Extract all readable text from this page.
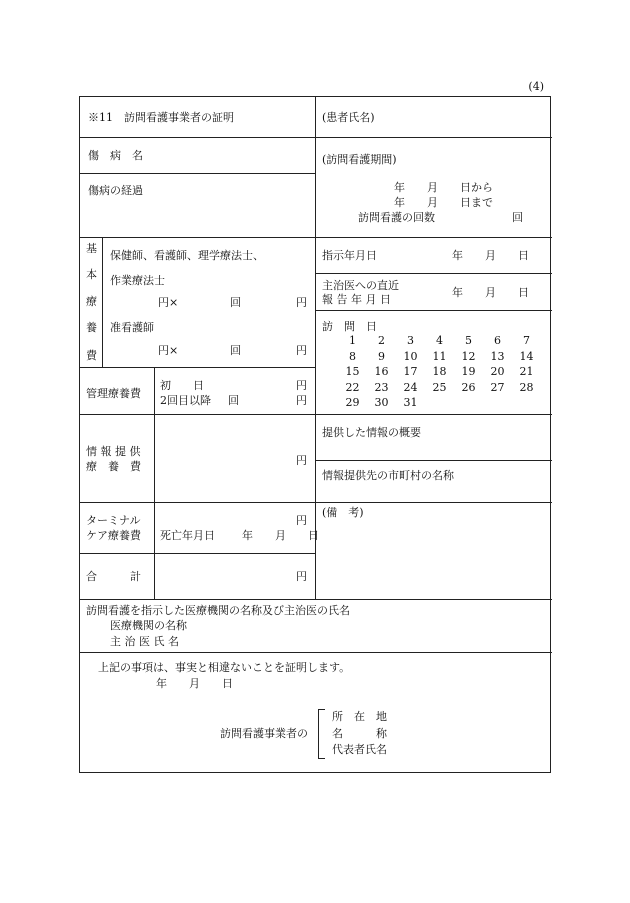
(4)
※11　訪問看護事業者の証明	(患者氏名)
傷　病　名
傷病の経過
(訪問看護期間)
年　　月　　日から
年　　月　　日まで
訪問看護の回数	回
基
本
療
養
費
保健師、看護師、理学療法士、
作業療法士
円×	回	円
准看護師
円×	回	円
指示年月日	年　　月　　日
主治医への直近
報 告 年 月 日
年　　月　　日
訪　問　日
1	2	3	4	5	6	7
8	9	10	11	12	13	14
15	16	17	18	19	20	21
22	23	24	25	26	27	28
29	30	31				
管理療養費
初　　日	円
2回目以降 回	円
情 報 提 供
療　養　費	円
提供した情報の概要
情報提供先の市町村の名称
ターミナル
ケア療養費
円
死亡年月日 年　　月　　日
(備　考)
合　　　計	円
訪問看護を指示した医療機関の名称及び主治医の氏名
医療機関の名称
主 治 医 氏 名
上記の事項は、事実と相違ないことを証明します。
年　　月　　日
訪問看護事業者の
所　在　地
名　　　称
代表者氏名
